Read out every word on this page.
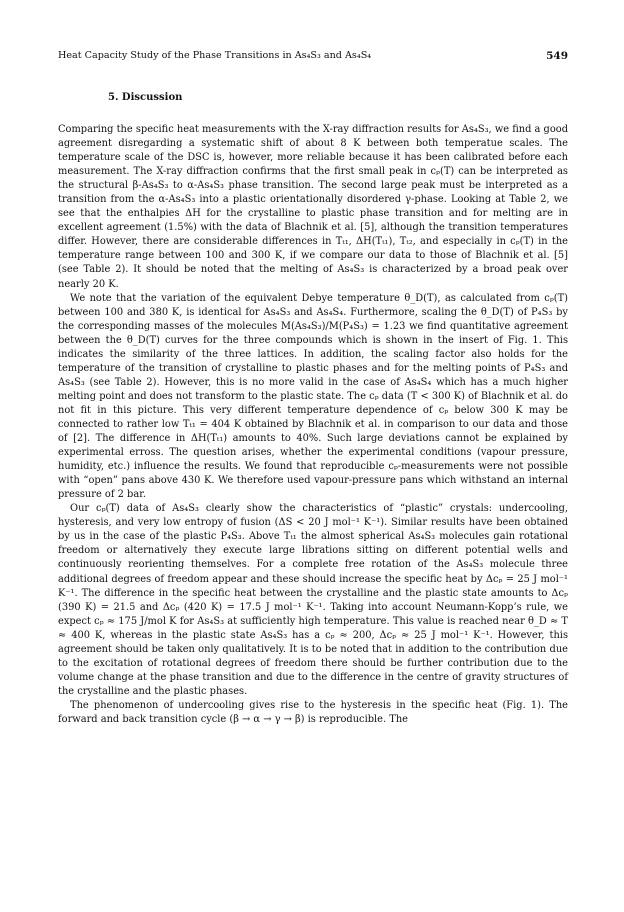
Heat Capacity Study of the Phase Transitions in As₄S₃ and As₄S₄	549
5. Discussion

Comparing the specific heat measurements with the X-ray diffraction results for As₄S₃, we find a good agreement disregarding a systematic shift of about 8 K between both temperatue scales. The temperature scale of the DSC is, however, more reliable because it has been calibrated before each measurement. The X-ray diffraction confirms that the first small peak in cₚ(T) can be interpreted as the structural β-As₄S₃ to α-As₄S₃ phase transition. The second large peak must be interpreted as a transition from the α-As₄S₃ into a plastic orientationally disordered γ-phase. Looking at Table 2, we see that the enthalpies ΔH for the crystalline to plastic phase transition and for melting are in excellent agreement (1.5%) with the data of Blachnik et al. [5], although the transition temperatures differ. However, there are considerable differences in Tₜ₁, ΔH(Tₜ₁), Tₜ₂, and especially in cₚ(T) in the temperature range between 100 and 300 K, if we compare our data to those of Blachnik et al. [5] (see Table 2). It should be noted that the melting of As₄S₃ is characterized by a broad peak over nearly 20 K.

We note that the variation of the equivalent Debye temperature θ_D(T), as calculated from cₚ(T) between 100 and 380 K, is identical for As₄S₃ and As₄S₄. Furthermore, scaling the θ_D(T) of P₄S₃ by the corresponding masses of the molecules M(As₄S₃)/M(P₄S₃) = 1.23 we find quantitative agreement between the θ_D(T) curves for the three compounds which is shown in the insert of Fig. 1. This indicates the similarity of the three lattices. In addition, the scaling factor also holds for the temperature of the transition of crystalline to plastic phases and for the melting points of P₄S₃ and As₄S₃ (see Table 2). However, this is no more valid in the case of As₄S₄ which has a much higher melting point and does not transform to the plastic state. The cₚ data (T < 300 K) of Blachnik et al. do not fit in this picture. This very different temperature dependence of cₚ below 300 K may be connected to rather low Tₜ₁ = 404 K obtained by Blachnik et al. in comparison to our data and those of [2]. The difference in ΔH(Tₜ₁) amounts to 40%. Such large deviations cannot be explained by experimental erross. The question arises, whether the experimental conditions (vapour pressure, humidity, etc.) influence the results. We found that reproducible cₚ-measurements were not possible with “open” pans above 430 K. We therefore used vapour-pressure pans which withstand an internal pressure of 2 bar.

Our cₚ(T) data of As₄S₃ clearly show the characteristics of “plastic” crystals: undercooling, hysteresis, and very low entropy of fusion (ΔS < 20 J mol⁻¹ K⁻¹). Similar results have been obtained by us in the case of the plastic P₄S₃. Above Tₜ₁ the almost spherical As₄S₃ molecules gain rotational freedom or alternatively they execute large librations sitting on different potential wells and continuously reorienting themselves. For a complete free rotation of the As₄S₃ molecule three additional degrees of freedom appear and these should increase the specific heat by Δcₚ = 25 J mol⁻¹ K⁻¹. The difference in the specific heat between the crystalline and the plastic state amounts to Δcₚ (390 K) = 21.5 and Δcₚ (420 K) = 17.5 J mol⁻¹ K⁻¹. Taking into account Neumann-Kopp’s rule, we expect cₚ ≈ 175 J/mol K for As₄S₃ at sufficiently high temperature. This value is reached near θ_D ≈ T ≈ 400 K, whereas in the plastic state As₄S₃ has a cₚ ≈ 200, Δcₚ ≈ 25 J mol⁻¹ K⁻¹. However, this agreement should be taken only qualitatively. It is to be noted that in addition to the contribution due to the excitation of rotational degrees of freedom there should be further contribution due to the volume change at the phase transition and due to the difference in the centre of gravity structures of the crystalline and the plastic phases.

The phenomenon of undercooling gives rise to the hysteresis in the specific heat (Fig. 1). The forward and back transition cycle (β → α → γ → β) is reproducible. The
